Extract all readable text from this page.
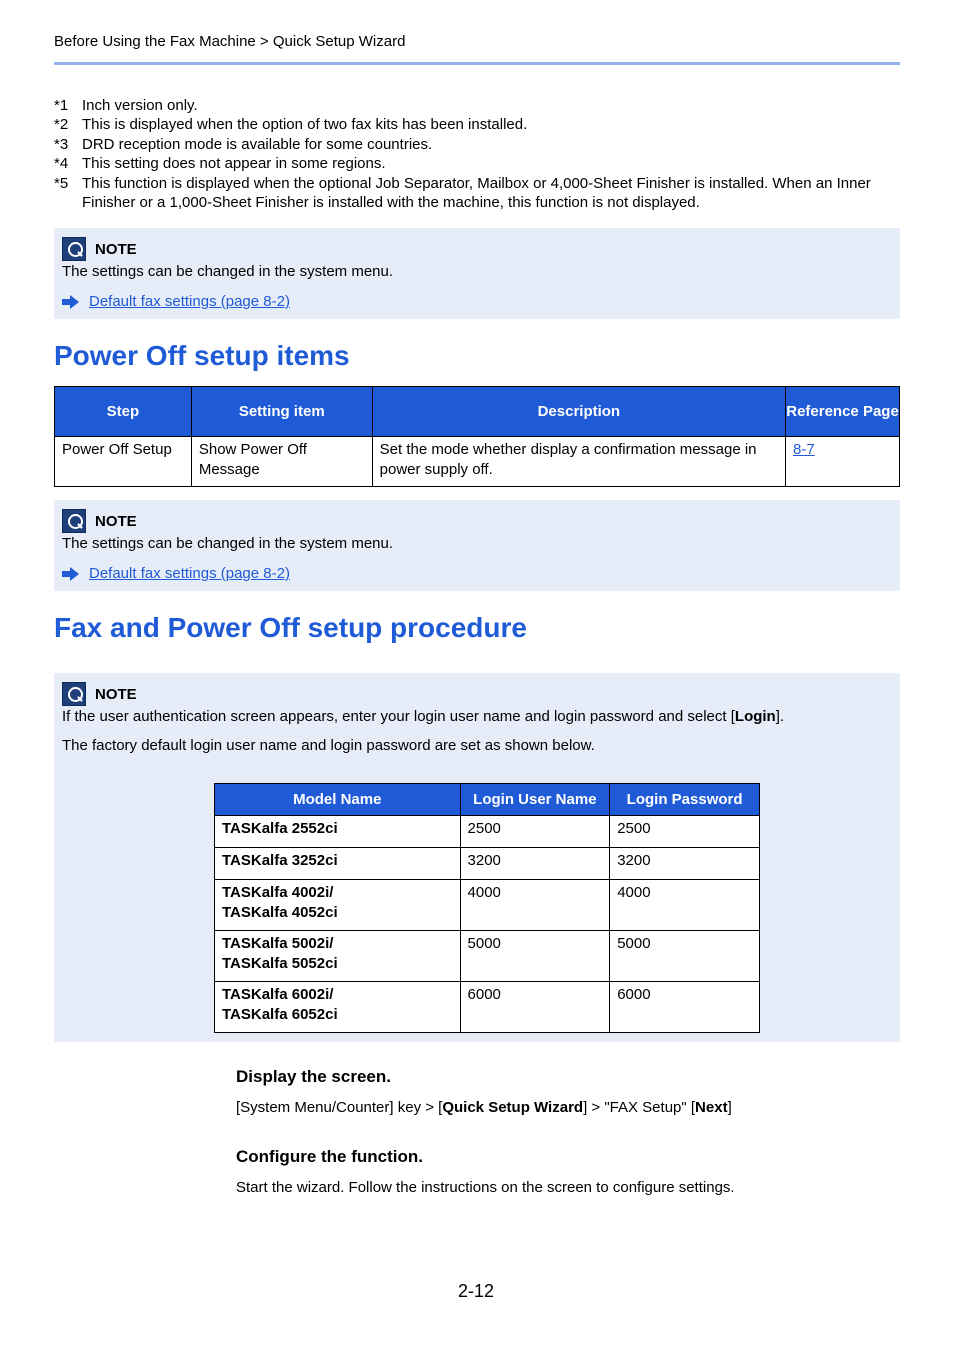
Before Using the Fax Machine > Quick Setup Wizard
*1 Inch version only.
*2 This is displayed when the option of two fax kits has been installed.
*3 DRD reception mode is available for some countries.
*4 This setting does not appear in some regions.
*5 This function is displayed when the optional Job Separator, Mailbox or 4,000-Sheet Finisher is installed. When an Inner Finisher or a 1,000-Sheet Finisher is installed with the machine, this function is not displayed.
NOTE
The settings can be changed in the system menu.
Default fax settings (page 8-2)
Power Off setup items
Step	Setting item	Description	Reference Page
Power Off Setup	Show Power Off Message	Set the mode whether display a confirmation message in power supply off.	8-7
NOTE
The settings can be changed in the system menu.
Default fax settings (page 8-2)
Fax and Power Off setup procedure
NOTE
If the user authentication screen appears, enter your login user name and login password and select [Login].
The factory default login user name and login password are set as shown below.
Model Name	Login User Name	Login Password
TASKalfa 2552ci	2500	2500
TASKalfa 3252ci	3200	3200

TASKalfa 4002i/
TASKalfa 4052ci	4000	4000

TASKalfa 5002i/
TASKalfa 5052ci	5000	5000

TASKalfa 6002i/
TASKalfa 6052ci	6000	6000
Display the screen.
[System Menu/Counter] key > [Quick Setup Wizard] > "FAX Setup" [Next]
Configure the function.
Start the wizard. Follow the instructions on the screen to configure settings.
2-12
